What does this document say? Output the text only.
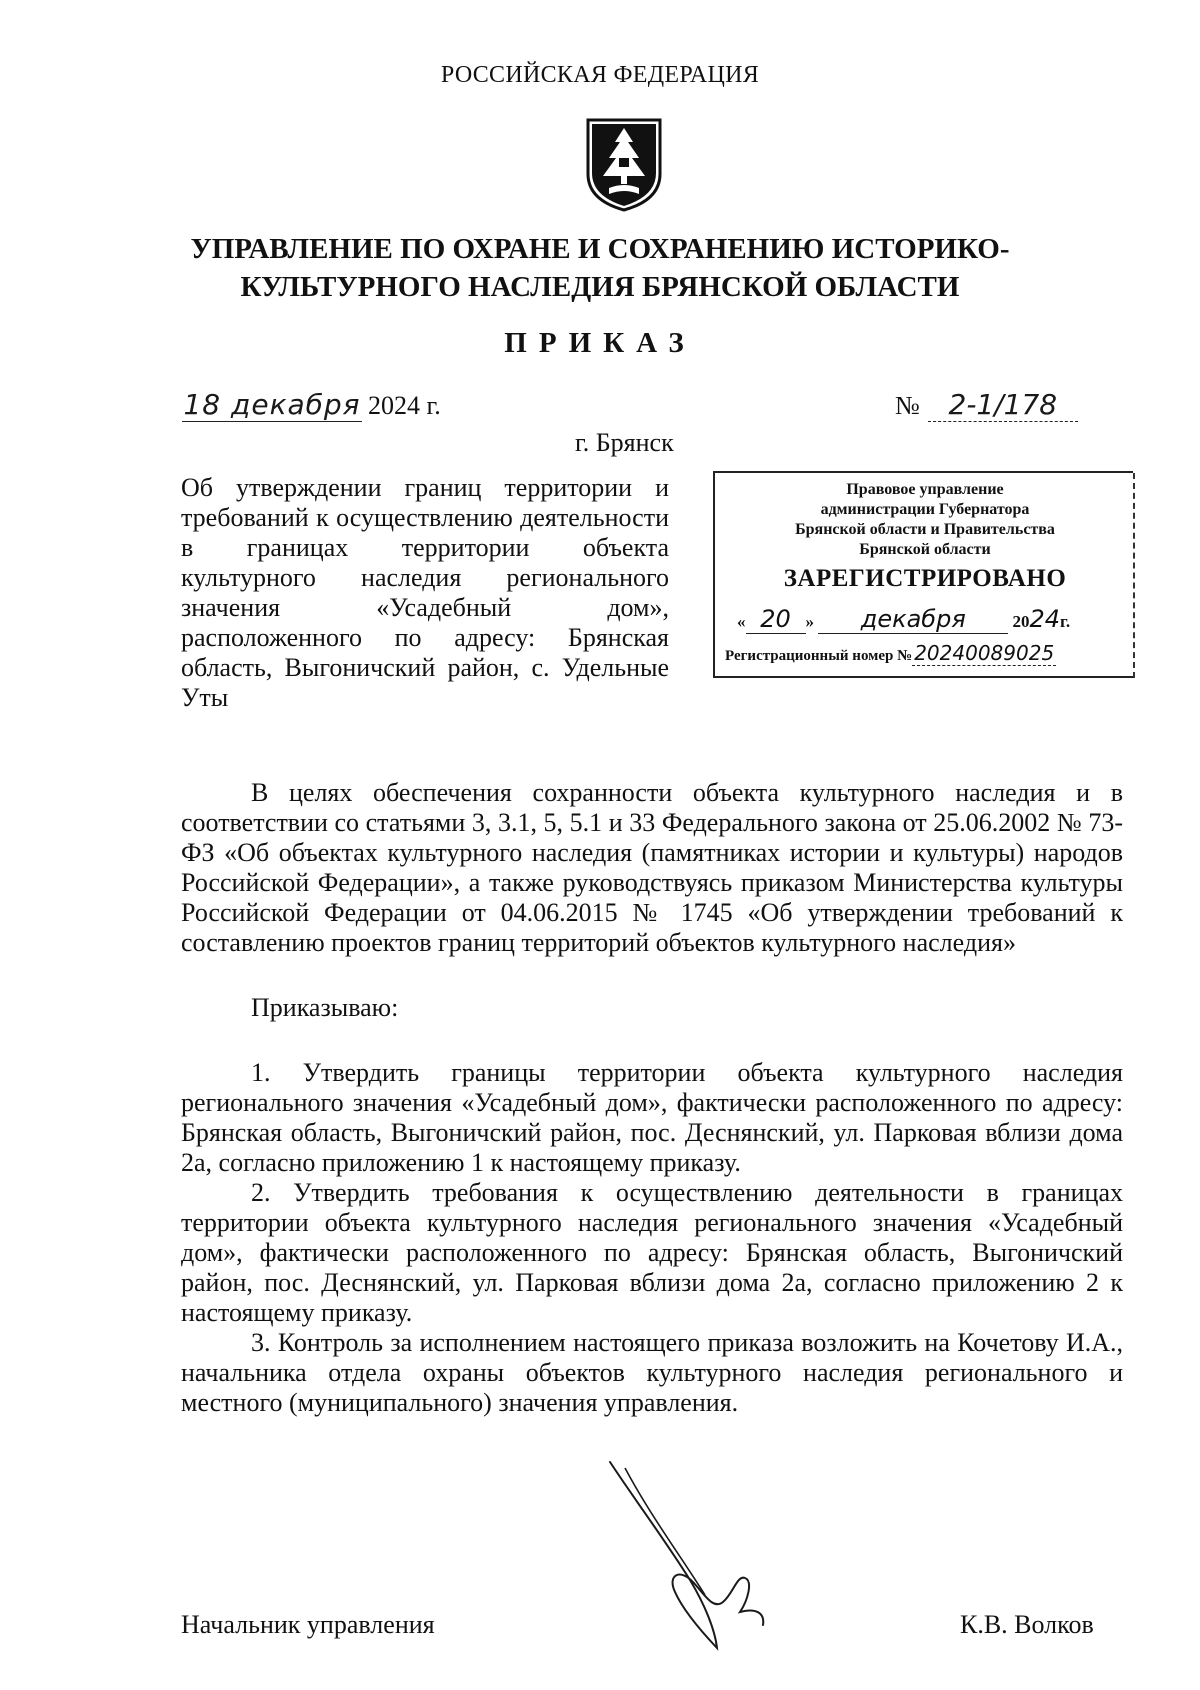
РОССИЙСКАЯ ФЕДЕРАЦИЯ
УПРАВЛЕНИЕ ПО ОХРАНЕ И СОХРАНЕНИЮ ИСТОРИКО-
КУЛЬТУРНОГО НАСЛЕДИЯ БРЯНСКОЙ ОБЛАСТИ
ПРИКАЗ
18 декабря 2024 г.	№ 2-1/178
г. Брянск
Об утверждении границ территории и требований к осуществлению деятельности в границах территории объекта культурного наследия регионального значения «Усадебный дом», расположенного по адресу: Брянская область, Выгоничский район, с. Удельные Уты
Правовое управление
администрации Губернатора
Брянской области и Правительства
Брянской области
ЗАРЕГИСТРИРОВАНО
« 20 » декабря	2024г.
Регистрационный номер № 20240089025

В целях обеспечения сохранности объекта культурного наследия и в соответствии со статьями 3, 3.1, 5, 5.1 и 33 Федерального закона от 25.06.2002 № 73-ФЗ «Об объектах культурного наследия (памятниках истории и культуры) народов Российской Федерации», а также руководствуясь приказом Министерства культуры Российской Федерации от 04.06.2015 № 1745 «Об утверждении требований к составлению проектов границ территорий объектов культурного наследия»

Приказываю:

1. Утвердить границы территории объекта культурного наследия регионального значения «Усадебный дом», фактически расположенного по адресу: Брянская область, Выгоничский район, пос. Деснянский, ул. Парковая вблизи дома 2а, согласно приложению 1 к настоящему приказу.

2. Утвердить требования к осуществлению деятельности в границах территории объекта культурного наследия регионального значения «Усадебный дом», фактически расположенного по адресу: Брянская область, Выгоничский район, пос. Деснянский, ул. Парковая вблизи дома 2а, согласно приложению 2 к настоящему приказу.

3. Контроль за исполнением настоящего приказа возложить на Кочетову И.А., начальника отдела охраны объектов культурного наследия регионального и местного (муниципального) значения управления.

Начальник управления	К.В. Волков
